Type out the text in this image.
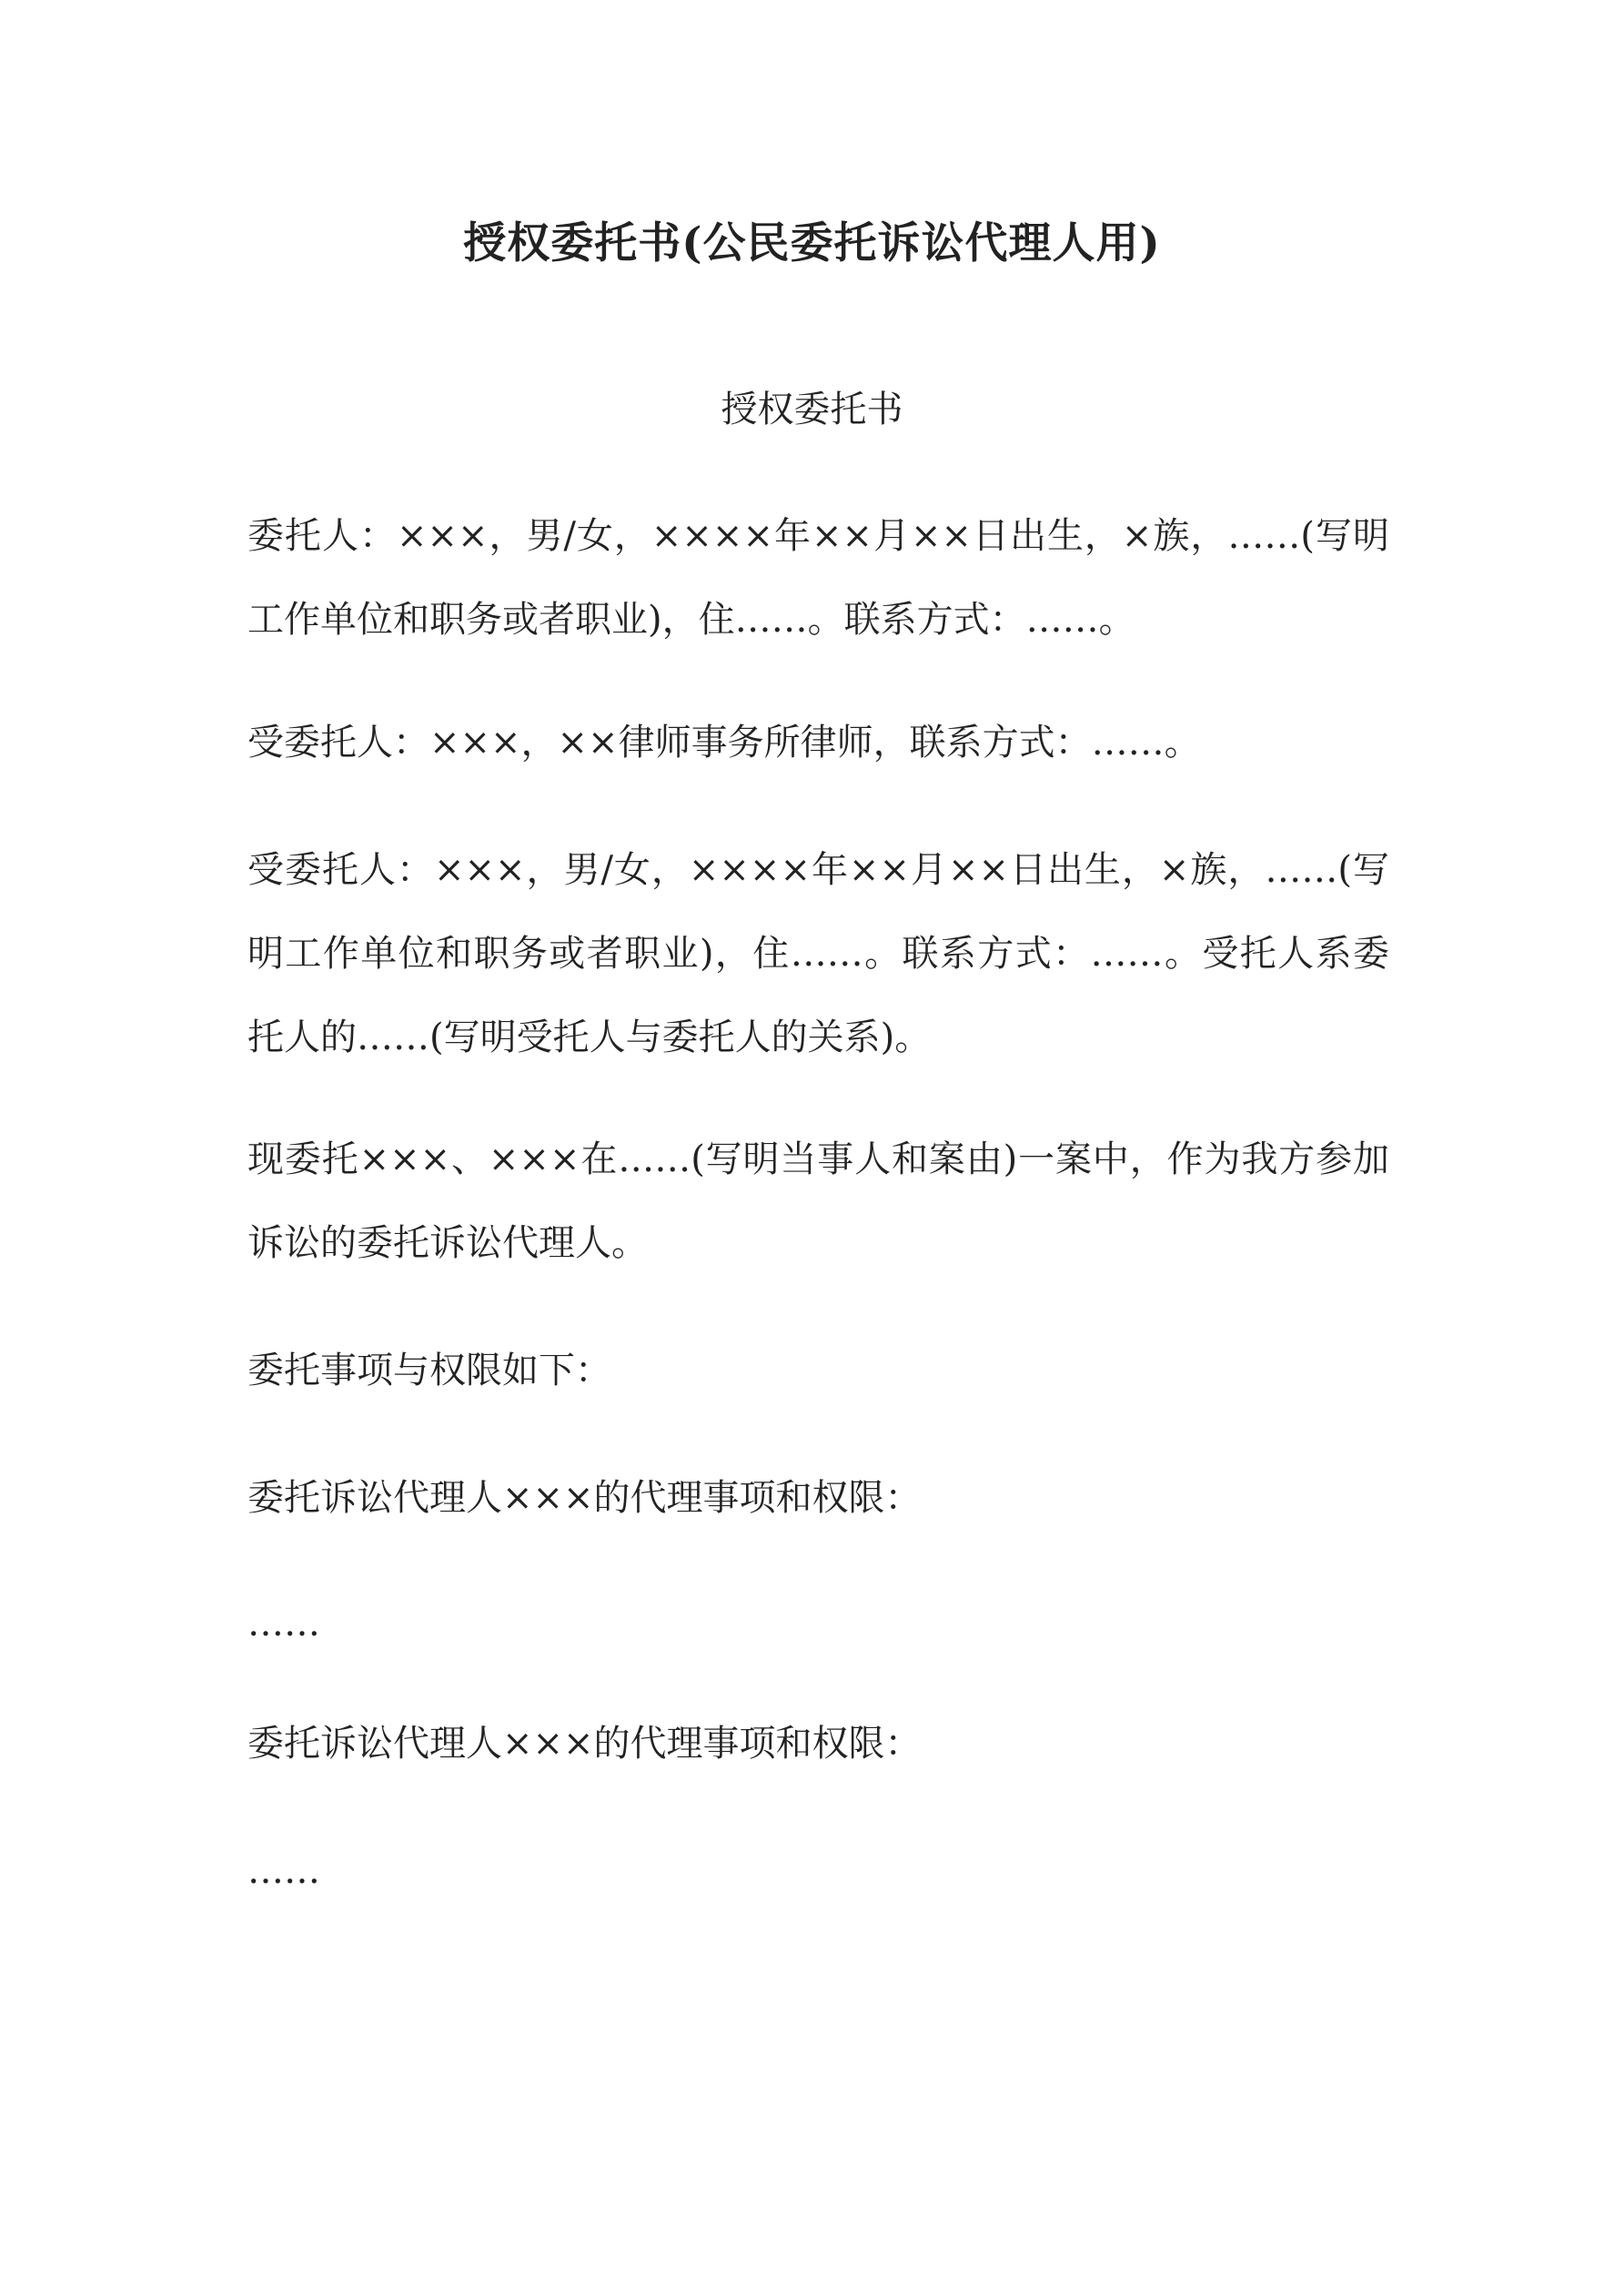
授权委托书(公民委托诉讼代理人用)
授权委托书

委托人：×××，男/女，××××年××月××日出生，×族，……(写明工作单位和职务或者职业)，住……。联系方式：……。

受委托人：×××，××律师事务所律师，联系方式：……。

受委托人：×××，男/女，××××年××月××日出生，×族，……(写明工作单位和职务或者职业)，住……。联系方式：……。受托人系委托人的……(写明受托人与委托人的关系)。

现委托×××、×××在……(写明当事人和案由)一案中，作为我方参加诉讼的委托诉讼代理人。

委托事项与权限如下：

委托诉讼代理人×××的代理事项和权限：

……

委托诉讼代理人×××的代理事项和权限：

……
